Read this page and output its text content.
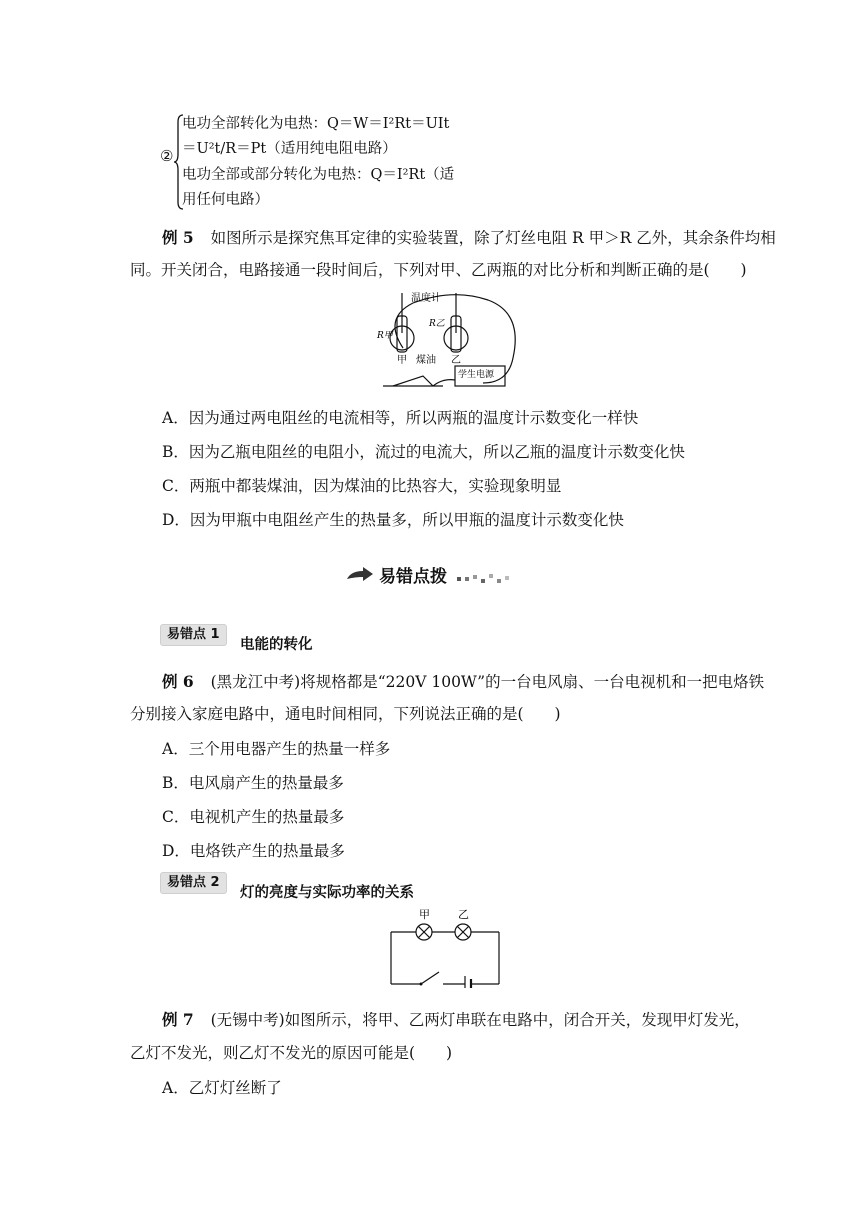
②
电功全部转化为电热：Q＝W＝I²Rt＝UIt
＝U²t/R＝Pt（适用纯电阻电路）
电功全部或部分转化为电热：Q＝I²Rt（适
用任何电路）
例 5 如图所示是探究焦耳定律的实验装置，除了灯丝电阻 R 甲＞R 乙外，其余条件均相
同。开关闭合，电路接通一段时间后，下列对甲、乙两瓶的对比分析和判断正确的是(　　)
温度计
R甲
R乙
甲 煤油 乙
学生电源
A．因为通过两电阻丝的电流相等，所以两瓶的温度计示数变化一样快
B．因为乙瓶电阻丝的电阻小，流过的电流大，所以乙瓶的温度计示数变化快
C．两瓶中都装煤油，因为煤油的比热容大，实验现象明显
D．因为甲瓶中电阻丝产生的热量多，所以甲瓶的温度计示数变化快
易错点拨
易错点 1
电能的转化
例 6 (黑龙江中考)将规格都是“220V 100W”的一台电风扇、一台电视机和一把电烙铁
分别接入家庭电路中，通电时间相同，下列说法正确的是(　　)
A．三个用电器产生的热量一样多
B．电风扇产生的热量最多
C．电视机产生的热量最多
D．电烙铁产生的热量最多
易错点 2
灯的亮度与实际功率的关系
甲	乙
例 7 (无锡中考)如图所示，将甲、乙两灯串联在电路中，闭合开关，发现甲灯发光，
乙灯不发光，则乙灯不发光的原因可能是(　　)
A．乙灯灯丝断了
